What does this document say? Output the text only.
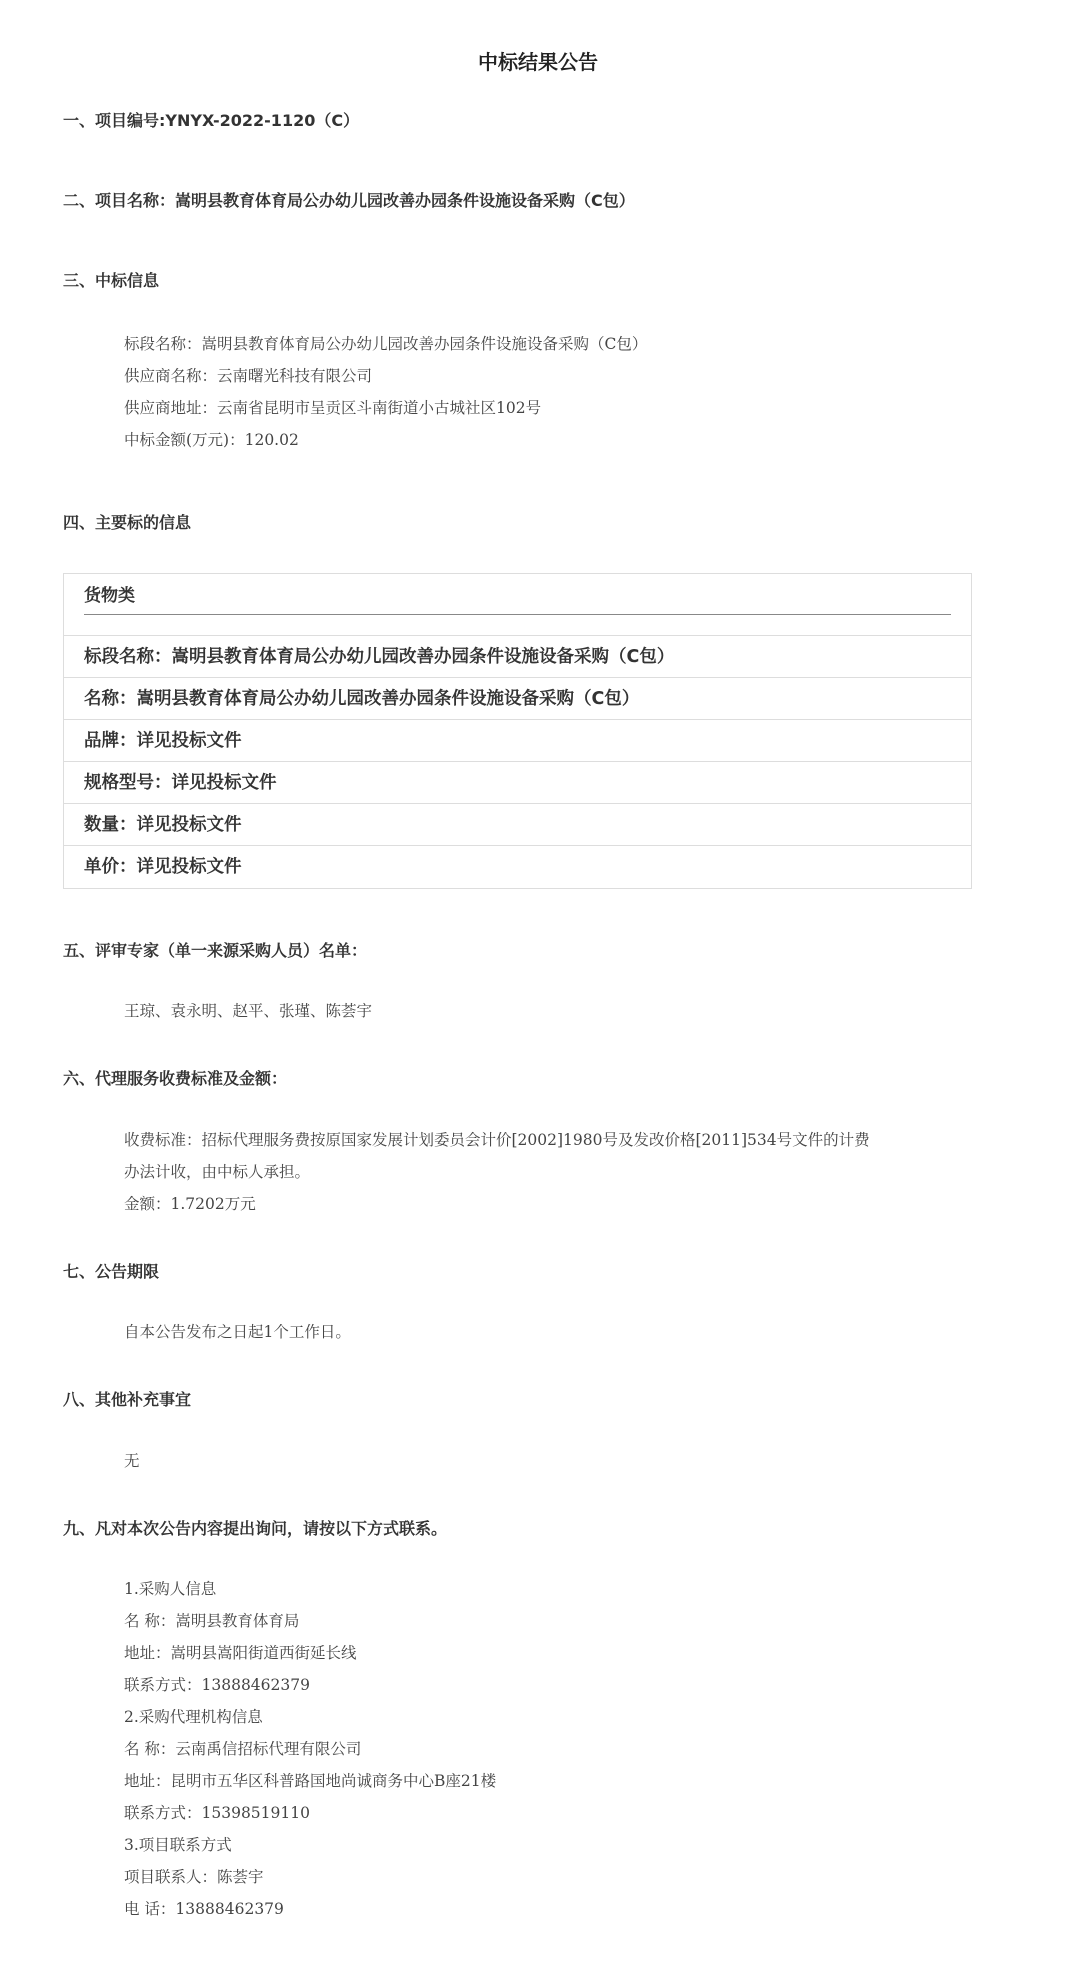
中标结果公告
一、项目编号:YNYX-2022-1120（C）
二、项目名称：嵩明县教育体育局公办幼儿园改善办园条件设施设备采购（C包）
三、中标信息
标段名称：嵩明县教育体育局公办幼儿园改善办园条件设施设备采购（C包）
供应商名称：云南曙光科技有限公司
供应商地址：云南省昆明市呈贡区斗南街道小古城社区102号
中标金额(万元)：120.02
四、主要标的信息
货物类
标段名称：嵩明县教育体育局公办幼儿园改善办园条件设施设备采购（C包）
名称：嵩明县教育体育局公办幼儿园改善办园条件设施设备采购（C包）
品牌：详见投标文件
规格型号：详见投标文件
数量：详见投标文件
单价：详见投标文件
五、评审专家（单一来源采购人员）名单：
王琼、袁永明、赵平、张瑾、陈荟宇
六、代理服务收费标准及金额：
收费标准：招标代理服务费按原国家发展计划委员会计价[2002]1980号及发改价格[2011]534号文件的计费
办法计收，由中标人承担。
金额：1.7202万元
七、公告期限
自本公告发布之日起1个工作日。
八、其他补充事宜
无
九、凡对本次公告内容提出询问，请按以下方式联系。
1.采购人信息
名 称：嵩明县教育体育局
地址：嵩明县嵩阳街道西街延长线
联系方式：13888462379
2.采购代理机构信息
名 称：云南禹信招标代理有限公司
地址：昆明市五华区科普路国地尚诚商务中心B座21楼
联系方式：15398519110
3.项目联系方式
项目联系人：陈荟宇
电 话：13888462379
